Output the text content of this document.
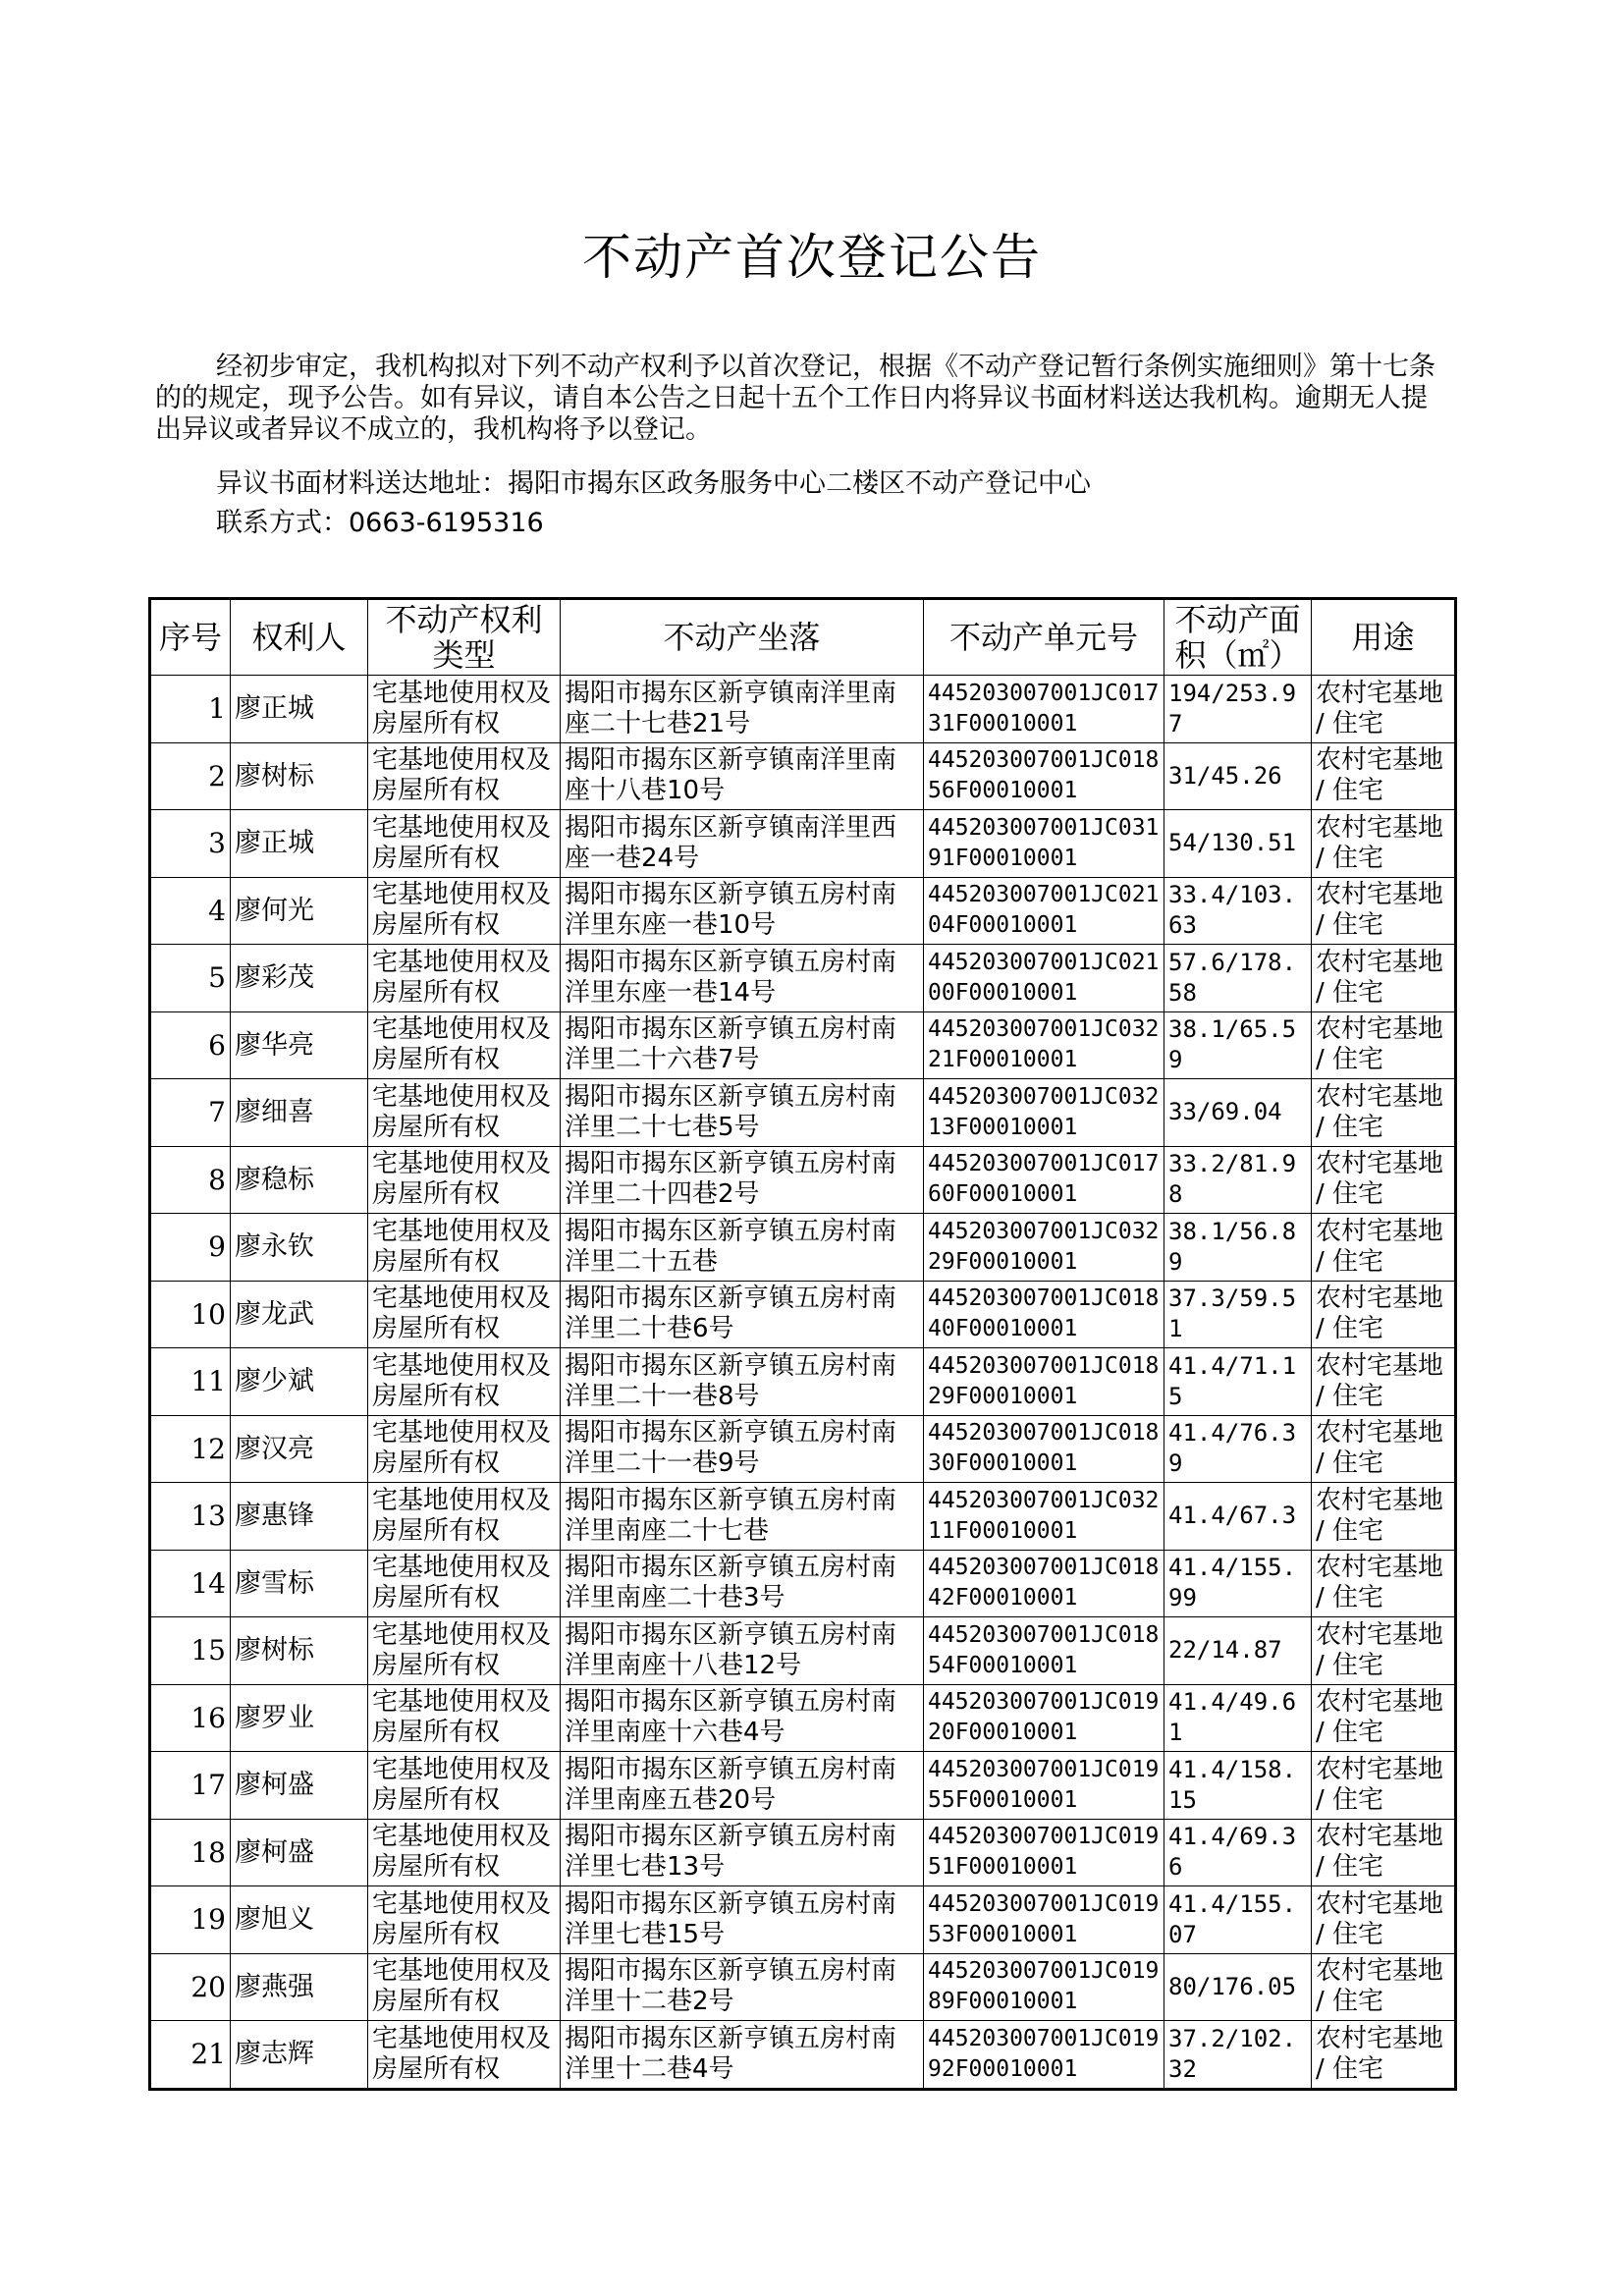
不动产首次登记公告
经初步审定，我机构拟对下列不动产权利予以首次登记，根据《不动产登记暂行条例实施细则》第十七条的的规定，现予公告。如有异议，请自本公告之日起十五个工作日内将异议书面材料送达我机构。逾期无人提出异议或者异议不成立的，我机构将予以登记。
异议书面材料送达地址：揭阳市揭东区政务服务中心二楼区不动产登记中心
联系方式：0663-6195316
序号	权利人	不动产权利类型	不动产坐落	不动产单元号	不动产面积（㎡）	用途
1	廖正城	宅基地使用权及房屋所有权	揭阳市揭东区新亨镇南洋里南座二十七巷21号	445203007001JC01731F00010001	194/253.97	农村宅基地 / 住宅
2	廖树标	宅基地使用权及房屋所有权	揭阳市揭东区新亨镇南洋里南座十八巷10号	445203007001JC01856F00010001	31/45.26	农村宅基地 / 住宅
3	廖正城	宅基地使用权及房屋所有权	揭阳市揭东区新亨镇南洋里西座一巷24号	445203007001JC03191F00010001	54/130.51	农村宅基地 / 住宅
4	廖何光	宅基地使用权及房屋所有权	揭阳市揭东区新亨镇五房村南洋里东座一巷10号	445203007001JC02104F00010001	33.4/103.63	农村宅基地 / 住宅
5	廖彩茂	宅基地使用权及房屋所有权	揭阳市揭东区新亨镇五房村南洋里东座一巷14号	445203007001JC02100F00010001	57.6/178.58	农村宅基地 / 住宅
6	廖华亮	宅基地使用权及房屋所有权	揭阳市揭东区新亨镇五房村南洋里二十六巷7号	445203007001JC03221F00010001	38.1/65.59	农村宅基地 / 住宅
7	廖细喜	宅基地使用权及房屋所有权	揭阳市揭东区新亨镇五房村南洋里二十七巷5号	445203007001JC03213F00010001	33/69.04	农村宅基地 / 住宅
8	廖稳标	宅基地使用权及房屋所有权	揭阳市揭东区新亨镇五房村南洋里二十四巷2号	445203007001JC01760F00010001	33.2/81.98	农村宅基地 / 住宅
9	廖永钦	宅基地使用权及房屋所有权	揭阳市揭东区新亨镇五房村南洋里二十五巷	445203007001JC03229F00010001	38.1/56.89	农村宅基地 / 住宅
10	廖龙武	宅基地使用权及房屋所有权	揭阳市揭东区新亨镇五房村南洋里二十巷6号	445203007001JC01840F00010001	37.3/59.51	农村宅基地 / 住宅
11	廖少斌	宅基地使用权及房屋所有权	揭阳市揭东区新亨镇五房村南洋里二十一巷8号	445203007001JC01829F00010001	41.4/71.15	农村宅基地 / 住宅
12	廖汉亮	宅基地使用权及房屋所有权	揭阳市揭东区新亨镇五房村南洋里二十一巷9号	445203007001JC01830F00010001	41.4/76.39	农村宅基地 / 住宅
13	廖惠锋	宅基地使用权及房屋所有权	揭阳市揭东区新亨镇五房村南洋里南座二十七巷	445203007001JC03211F00010001	41.4/67.3	农村宅基地 / 住宅
14	廖雪标	宅基地使用权及房屋所有权	揭阳市揭东区新亨镇五房村南洋里南座二十巷3号	445203007001JC01842F00010001	41.4/155.99	农村宅基地 / 住宅
15	廖树标	宅基地使用权及房屋所有权	揭阳市揭东区新亨镇五房村南洋里南座十八巷12号	445203007001JC01854F00010001	22/14.87	农村宅基地 / 住宅
16	廖罗业	宅基地使用权及房屋所有权	揭阳市揭东区新亨镇五房村南洋里南座十六巷4号	445203007001JC01920F00010001	41.4/49.61	农村宅基地 / 住宅
17	廖柯盛	宅基地使用权及房屋所有权	揭阳市揭东区新亨镇五房村南洋里南座五巷20号	445203007001JC01955F00010001	41.4/158.15	农村宅基地 / 住宅
18	廖柯盛	宅基地使用权及房屋所有权	揭阳市揭东区新亨镇五房村南洋里七巷13号	445203007001JC01951F00010001	41.4/69.36	农村宅基地 / 住宅
19	廖旭义	宅基地使用权及房屋所有权	揭阳市揭东区新亨镇五房村南洋里七巷15号	445203007001JC01953F00010001	41.4/155.07	农村宅基地 / 住宅
20	廖燕强	宅基地使用权及房屋所有权	揭阳市揭东区新亨镇五房村南洋里十二巷2号	445203007001JC01989F00010001	80/176.05	农村宅基地 / 住宅
21	廖志辉	宅基地使用权及房屋所有权	揭阳市揭东区新亨镇五房村南洋里十二巷4号	445203007001JC01992F00010001	37.2/102.32	农村宅基地 / 住宅
